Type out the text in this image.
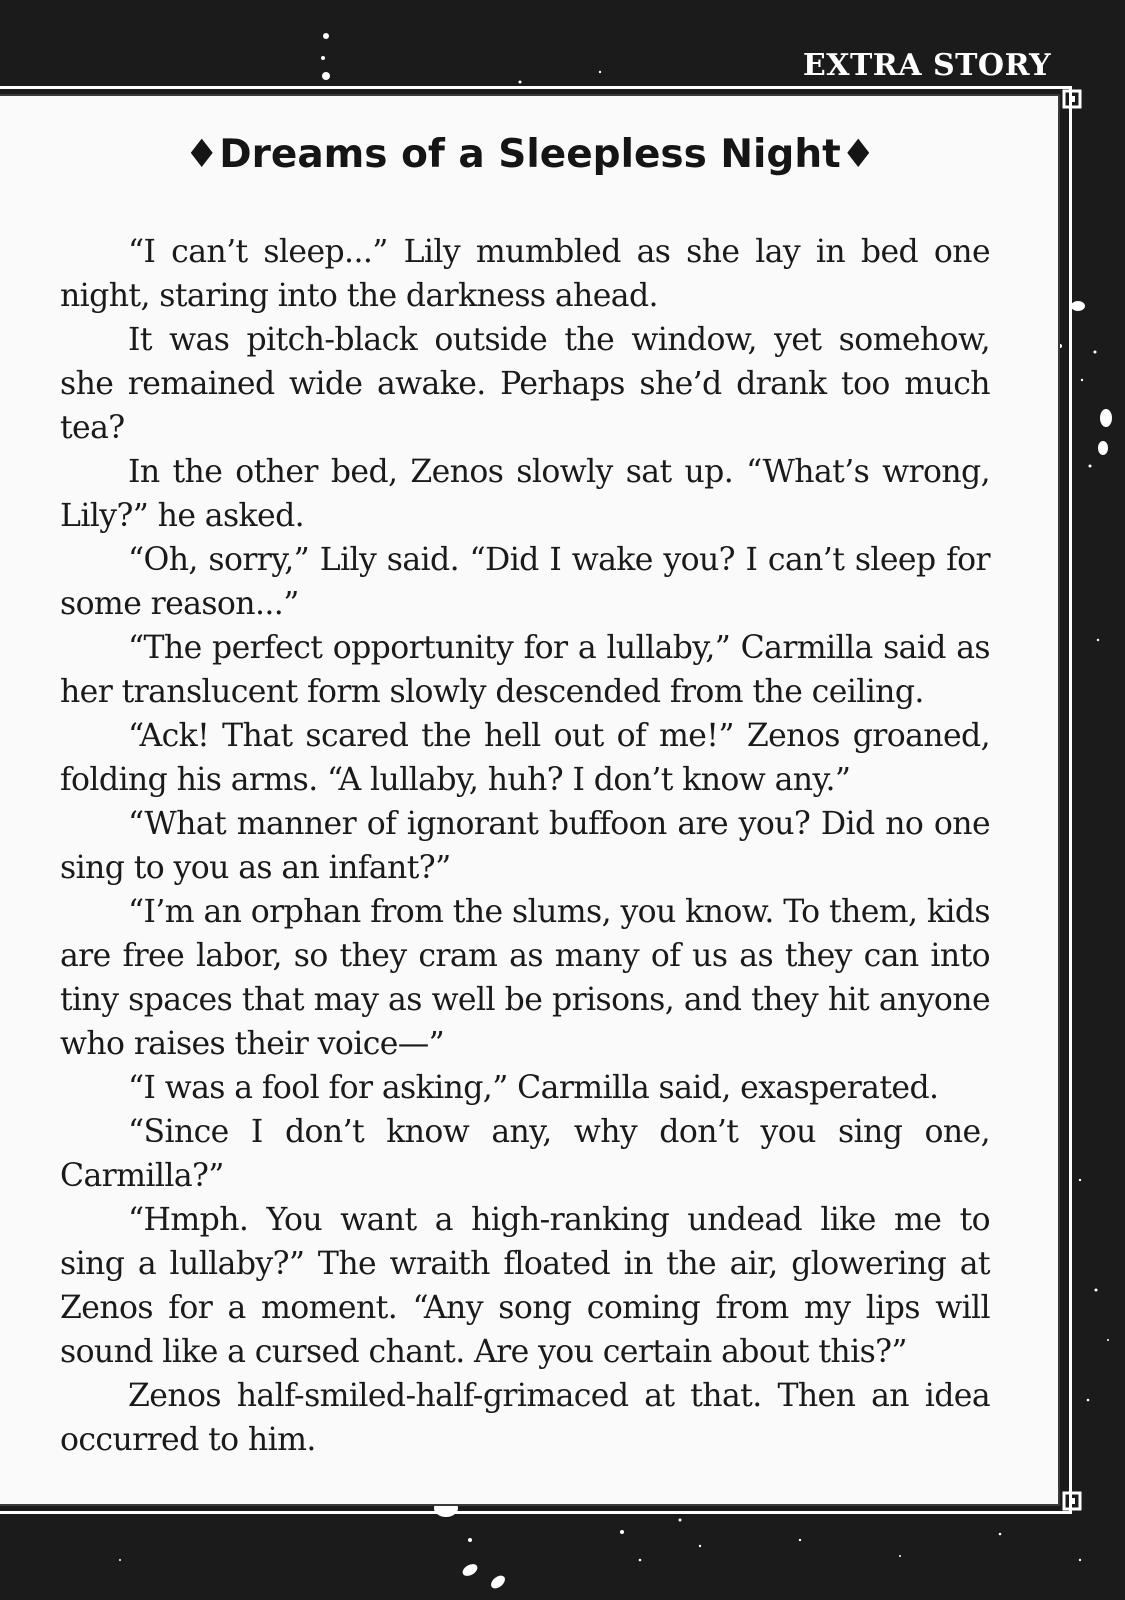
EXTRA STORY
♦Dreams of a Sleepless Night♦

“I can’t sleep...” Lily mumbled as she lay in bed one night, staring into the darkness ahead.

It was pitch-black outside the window, yet somehow, she remained wide awake. Perhaps she’d drank too much tea?

In the other bed, Zenos slowly sat up. “What’s wrong, Lily?” he asked.

“Oh, sorry,” Lily said. “Did I wake you? I can’t sleep for some reason...”

“The perfect opportunity for a lullaby,” Carmilla said as her translucent form slowly descended from the ceiling.

“Ack! That scared the hell out of me!” Zenos groaned, folding his arms. “A lullaby, huh? I don’t know any.”

“What manner of ignorant buffoon are you? Did no one sing to you as an infant?”

“I’m an orphan from the slums, you know. To them, kids are free labor, so they cram as many of us as they can into tiny spaces that may as well be prisons, and they hit anyone who raises their voice—”

“I was a fool for asking,” Carmilla said, exasperated.

“Since I don’t know any, why don’t you sing one, Carmilla?”

“Hmph. You want a high-ranking undead like me to sing a lullaby?” The wraith floated in the air, glowering at Zenos for a moment. “Any song coming from my lips will sound like a cursed chant. Are you certain about this?”

Zenos half-smiled-half-grimaced at that. Then an idea occurred to him.
